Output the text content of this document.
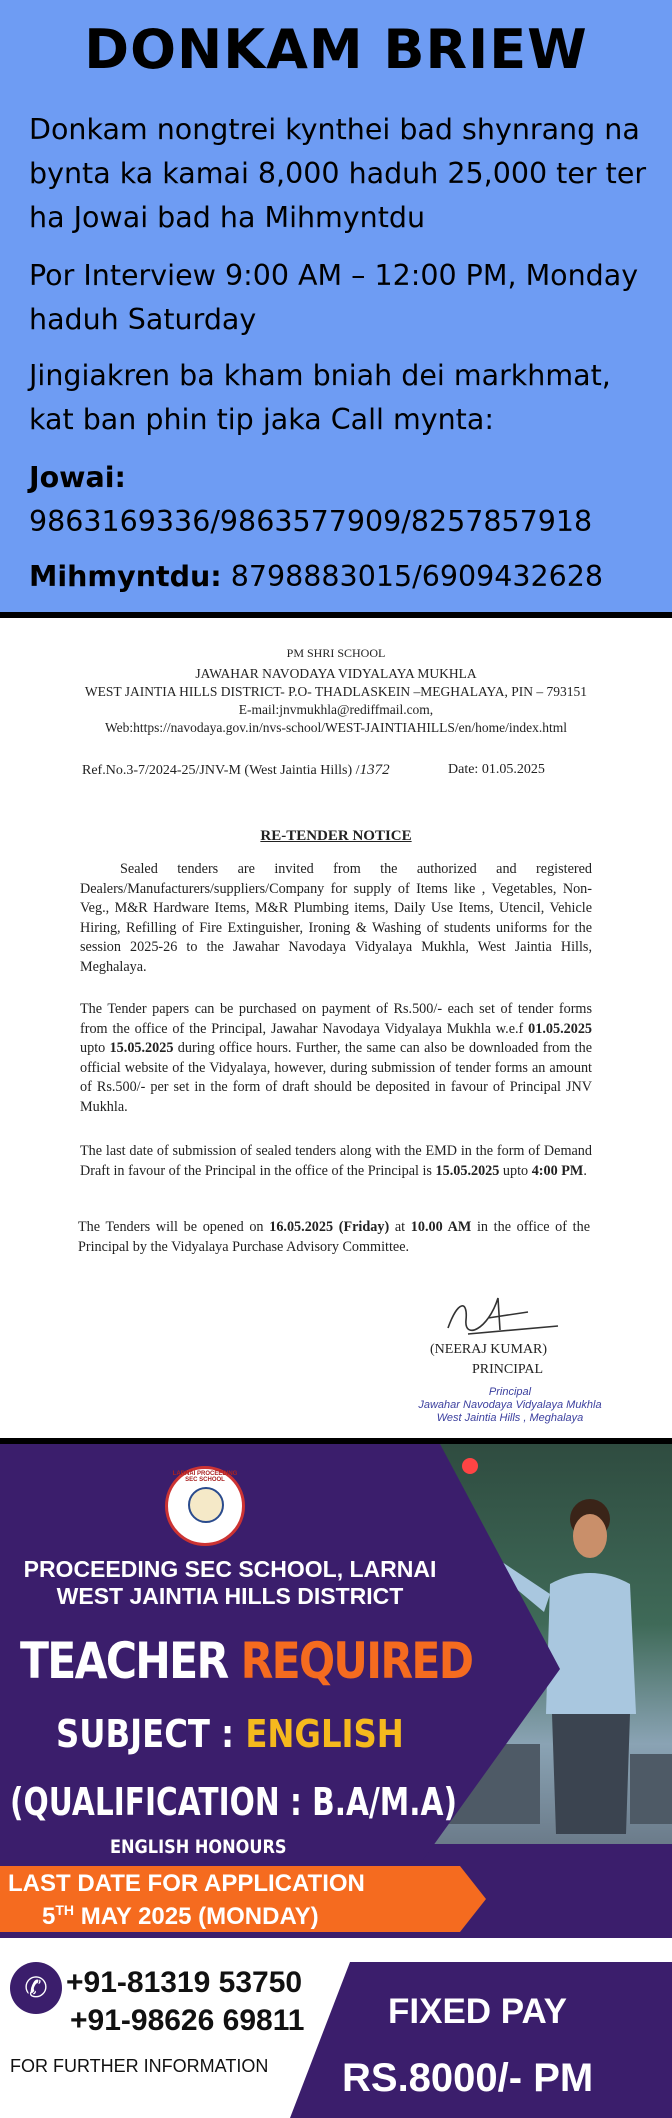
DONKAM BRIEW
Donkam nongtrei kynthei bad shynrang na bynta ka kamai 8,000 haduh 25,000 ter ter ha Jowai bad ha Mihmyntdu
Por Interview 9:00 AM – 12:00 PM, Monday haduh Saturday
Jingiakren ba kham bniah dei markhmat, kat ban phin tip jaka Call mynta:
Jowai:
9863169336/9863577909/8257857918
Mihmyntdu: 8798883015/6909432628
PM SHRI SCHOOL
JAWAHAR NAVODAYA VIDYALAYA MUKHLA
WEST JAINTIA HILLS DISTRICT- P.O- THADLASKEIN –MEGHALAYA, PIN – 793151
E-mail:jnvmukhla@rediffmail.com,
Web:https://navodaya.gov.in/nvs-school/WEST-JAINTIAHILLS/en/home/index.html
Ref.No.3-7/2024-25/JNV-M (West Jaintia Hills) /1372	Date: 01.05.2025
RE-TENDER NOTICE
Sealed tenders are invited from the authorized and registered Dealers/Manufacturers/suppliers/Company for supply of Items like , Vegetables, Non-Veg., M&R Hardware Items, M&R Plumbing items, Daily Use Items, Utencil, Vehicle Hiring, Refilling of Fire Extinguisher, Ironing & Washing of students uniforms for the session 2025-26 to the Jawahar Navodaya Vidyalaya Mukhla, West Jaintia Hills, Meghalaya.
The Tender papers can be purchased on payment of Rs.500/- each set of tender forms from the office of the Principal, Jawahar Navodaya Vidyalaya Mukhla w.e.f 01.05.2025 upto 15.05.2025 during office hours. Further, the same can also be downloaded from the official website of the Vidyalaya, however, during submission of tender forms an amount of Rs.500/- per set in the form of draft should be deposited in favour of Principal JNV Mukhla.
The last date of submission of sealed tenders along with the EMD in the form of Demand Draft in favour of the Principal in the office of the Principal is 15.05.2025 upto 4:00 PM.
The Tenders will be opened on 16.05.2025 (Friday) at 10.00 AM in the office of the Principal by the Vidyalaya Purchase Advisory Committee.
(NEERAJ KUMAR)
PRINCIPAL
Principal
Jawahar Navodaya Vidyalaya Mukhla
West Jaintia Hills , Meghalaya
LARNAI PROCEEDING SEC SCHOOL
PROCEEDING SEC SCHOOL, LARNAI
WEST JAINTIA HILLS DISTRICT
TEACHER REQUIRED
SUBJECT : ENGLISH
(QUALIFICATION : B.A/M.A)
ENGLISH HONOURS
LAST DATE FOR APPLICATION
5TH MAY 2025 (MONDAY)
✆ +91-81319 53750
+91-98626 69811
FOR FURTHER INFORMATION
FIXED PAY
RS.8000/- PM
